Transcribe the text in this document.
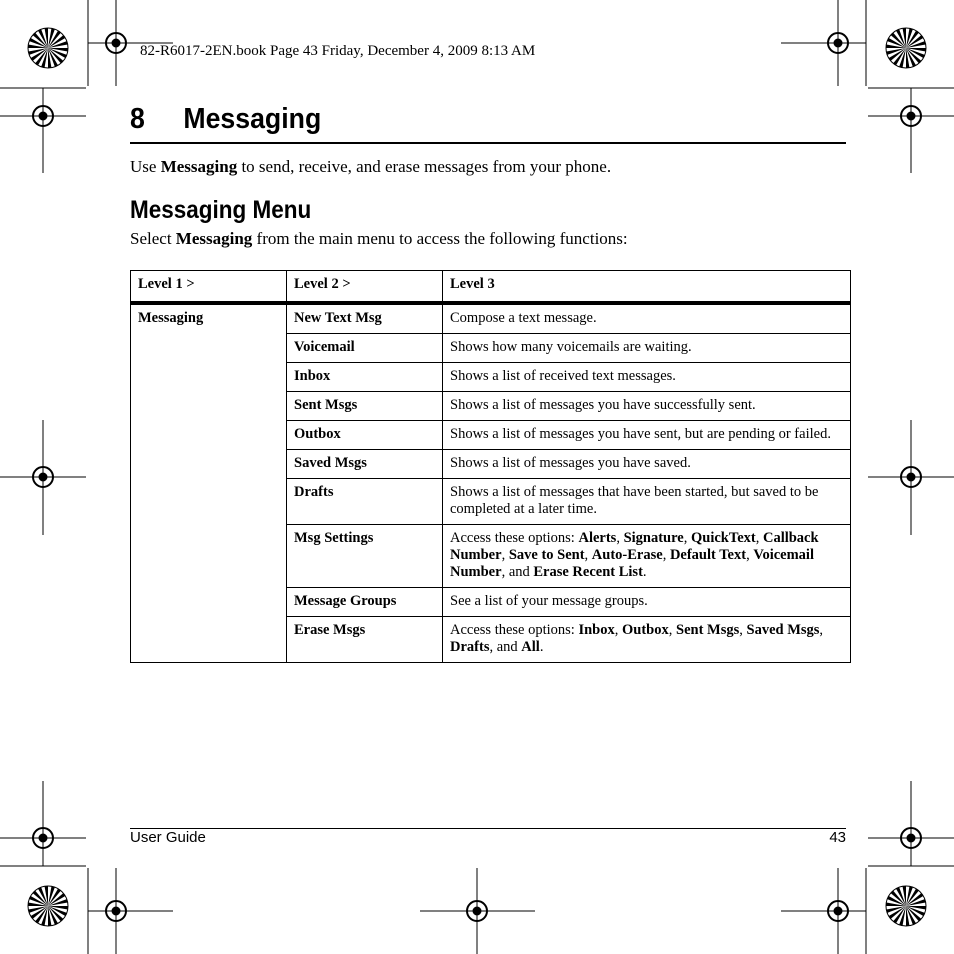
82-R6017-2EN.book Page 43 Friday, December 4, 2009 8:13 AM
8 Messaging
Use Messaging to send, receive, and erase messages from your phone.
Messaging Menu
Select Messaging from the main menu to access the following functions:
Level 1 >	Level 2 >	Level 3
Messaging	New Text Msg	Compose a text message.
	Voicemail	Shows how many voicemails are waiting.
	Inbox	Shows a list of received text messages.
	Sent Msgs	Shows a list of messages you have successfully sent.
	Outbox	Shows a list of messages you have sent, but are pending or failed.
	Saved Msgs	Shows a list of messages you have saved.
	Drafts	Shows a list of messages that have been started, but saved to be completed at a later time.
	Msg Settings	Access these options: Alerts, Signature, QuickText, Callback Number, Save to Sent, Auto-Erase, Default Text, Voicemail Number, and Erase Recent List.
	Message Groups	See a list of your message groups.
	Erase Msgs	Access these options: Inbox, Outbox, Sent Msgs, Saved Msgs, Drafts, and All.
User Guide	43
